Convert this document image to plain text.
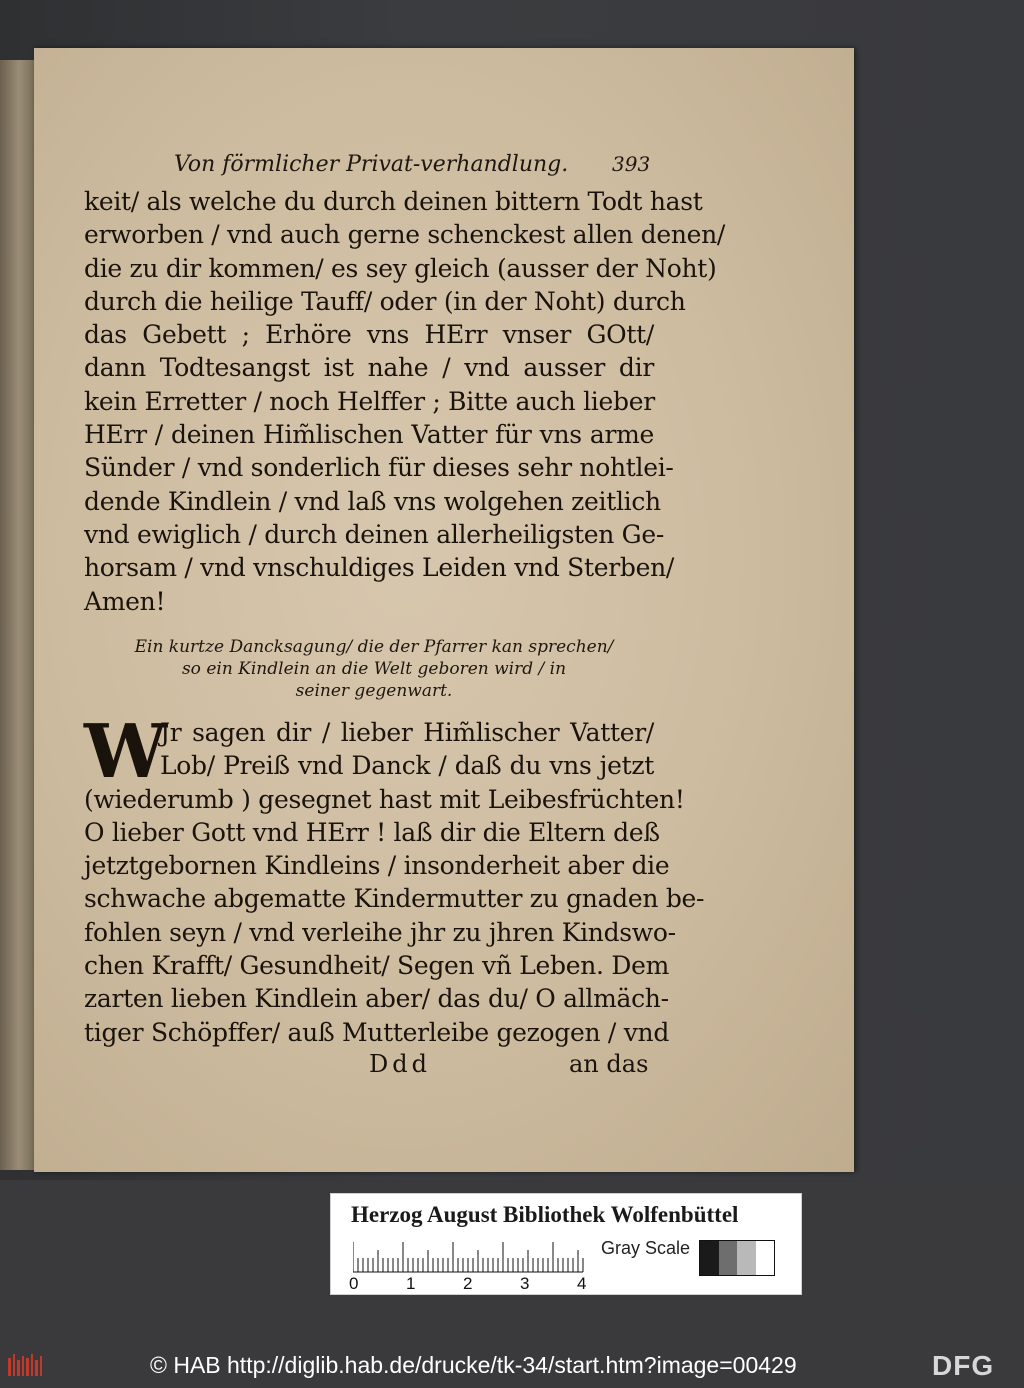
Von förmlicher Privat-verhandlung.	393
keit/ als welche du durch deinen bittern Todt hast
erworben / vnd auch gerne schenckest allen denen/
die zu dir kommen/ es sey gleich (ausser der Noht)
durch die heilige Tauff/ oder (in der Noht) durch
das Gebett ; Erhöre vns HErr vnser GOtt/
dann Todtesangst ist nahe / vnd ausser dir
kein Erretter / noch Helffer ; Bitte auch lieber
HErr / deinen Him̃lischen Vatter für vns arme
Sünder / vnd sonderlich für dieses sehr nohtlei-
dende Kindlein / vnd laß vns wolgehen zeitlich
vnd ewiglich / durch deinen allerheiligsten Ge-
horsam / vnd vnschuldiges Leiden vnd Sterben/
Amen!
Ein kurtze Dancksagung/ die der Pfarrer kan sprechen/
so ein Kindlein an die Welt geboren wird / in
seiner gegenwart.
W
Jr sagen dir / lieber Him̃lischer Vatter/
Lob/ Preiß vnd Danck / daß du vns jetzt
(wiederumb ) gesegnet hast mit Leibesfrüchten!
O lieber Gott vnd HErr ! laß dir die Eltern deß
jetztgebornen Kindleins / insonderheit aber die
schwache abgematte Kindermutter zu gnaden be-
fohlen seyn / vnd verleihe jhr zu jhren Kindswo-
chen Krafft/ Gesundheit/ Segen vñ Leben. Dem
zarten lieben Kindlein aber/ das du/ O allmäch-
tiger Schöpffer/ auß Mutterleibe gezogen / vnd
Ddd	an das
Herzog August Bibliothek Wolfenbüttel
0	1	2	3	4
Gray Scale
© HAB http://diglib.hab.de/drucke/tk-34/start.htm?image=00429	DFG
